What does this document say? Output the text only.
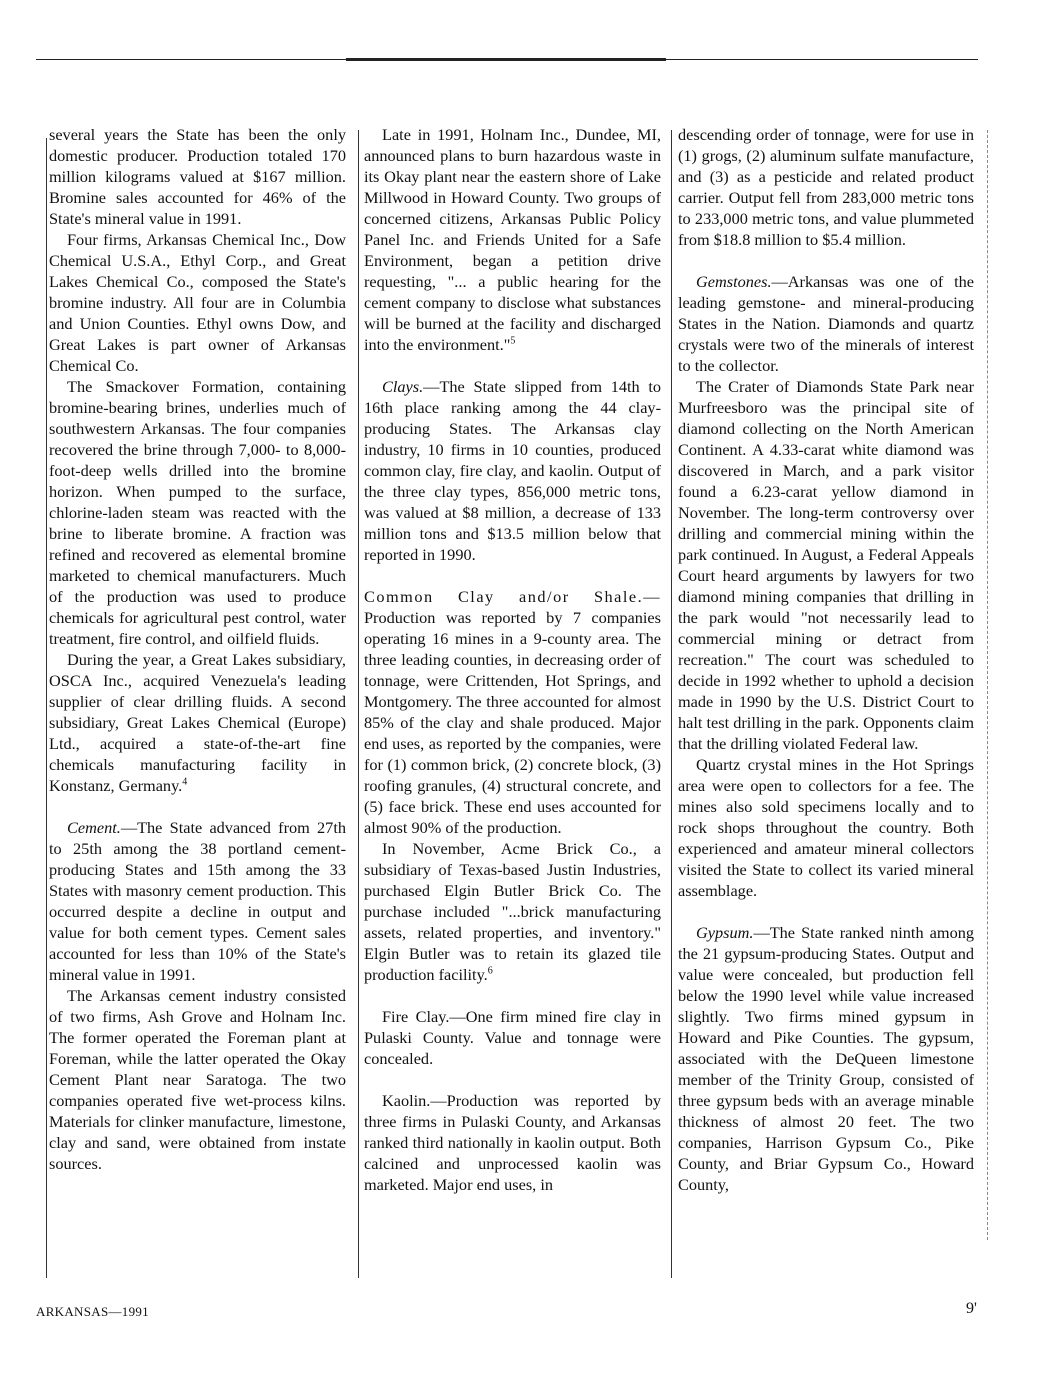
several years the State has been the only domestic producer. Production totaled 170 million kilograms valued at $167 million. Bromine sales accounted for 46% of the State's mineral value in 1991.

Four firms, Arkansas Chemical Inc., Dow Chemical U.S.A., Ethyl Corp., and Great Lakes Chemical Co., composed the State's bromine industry. All four are in Columbia and Union Counties. Ethyl owns Dow, and Great Lakes is part owner of Arkansas Chemical Co.

The Smackover Formation, containing bromine-bearing brines, underlies much of southwestern Arkansas. The four companies recovered the brine through 7,000- to 8,000-foot-deep wells drilled into the bromine horizon. When pumped to the surface, chlorine-laden steam was reacted with the brine to liberate bromine. A fraction was refined and recovered as elemental bromine marketed to chemical manufacturers. Much of the production was used to produce chemicals for agricultural pest control, water treatment, fire control, and oilfield fluids.

During the year, a Great Lakes subsidiary, OSCA Inc., acquired Venezuela's leading supplier of clear drilling fluids. A second subsidiary, Great Lakes Chemical (Europe) Ltd., acquired a state-of-the-art fine chemicals manufacturing facility in Konstanz, Germany.$^4$

Cement.—The State advanced from 27th to 25th among the 38 portland cement-producing States and 15th among the 33 States with masonry cement production. This occurred despite a decline in output and value for both cement types. Cement sales accounted for less than 10% of the State's mineral value in 1991.

The Arkansas cement industry consisted of two firms, Ash Grove and Holnam Inc. The former operated the Foreman plant at Foreman, while the latter operated the Okay Cement Plant near Saratoga. The two companies operated five wet-process kilns. Materials for clinker manufacture, limestone, clay and sand, were obtained from instate sources.

Late in 1991, Holnam Inc., Dundee, MI, announced plans to burn hazardous waste in its Okay plant near the eastern shore of Lake Millwood in Howard County. Two groups of concerned citizens, Arkansas Public Policy Panel Inc. and Friends United for a Safe Environment, began a petition drive requesting, "... a public hearing for the cement company to disclose what substances will be burned at the facility and discharged into the environment."$^5$

Clays.—The State slipped from 14th to 16th place ranking among the 44 clay-producing States. The Arkansas clay industry, 10 firms in 10 counties, produced common clay, fire clay, and kaolin. Output of the three clay types, 856,000 metric tons, was valued at $8 million, a decrease of 133 million tons and $13.5 million below that reported in 1990.

Common Clay and/or Shale.— Production was reported by 7 companies operating 16 mines in a 9-county area. The three leading counties, in decreasing order of tonnage, were Crittenden, Hot Springs, and Montgomery. The three accounted for almost 85% of the clay and shale produced. Major end uses, as reported by the companies, were for (1) common brick, (2) concrete block, (3) roofing granules, (4) structural concrete, and (5) face brick. These end uses accounted for almost 90% of the production.

In November, Acme Brick Co., a subsidiary of Texas-based Justin Industries, purchased Elgin Butler Brick Co. The purchase included "...brick manufacturing assets, related properties, and inventory." Elgin Butler was to retain its glazed tile production facility.$^6$

Fire Clay.—One firm mined fire clay in Pulaski County. Value and tonnage were concealed.

Kaolin.—Production was reported by three firms in Pulaski County, and Arkansas ranked third nationally in kaolin output. Both calcined and unprocessed kaolin was marketed. Major end uses, in

descending order of tonnage, were for use in (1) grogs, (2) aluminum sulfate manufacture, and (3) as a pesticide and related product carrier. Output fell from 283,000 metric tons to 233,000 metric tons, and value plummeted from $18.8 million to $5.4 million.

Gemstones.—Arkansas was one of the leading gemstone- and mineral-producing States in the Nation. Diamonds and quartz crystals were two of the minerals of interest to the collector.

The Crater of Diamonds State Park near Murfreesboro was the principal site of diamond collecting on the North American Continent. A 4.33-carat white diamond was discovered in March, and a park visitor found a 6.23-carat yellow diamond in November. The long-term controversy over drilling and commercial mining within the park continued. In August, a Federal Appeals Court heard arguments by lawyers for two diamond mining companies that drilling in the park would "not necessarily lead to commercial mining or detract from recreation." The court was scheduled to decide in 1992 whether to uphold a decision made in 1990 by the U.S. District Court to halt test drilling in the park. Opponents claim that the drilling violated Federal law.

Quartz crystal mines in the Hot Springs area were open to collectors for a fee. The mines also sold specimens locally and to rock shops throughout the country. Both experienced and amateur mineral collectors visited the State to collect its varied mineral assemblage.

Gypsum.—The State ranked ninth among the 21 gypsum-producing States. Output and value were concealed, but production fell below the 1990 level while value increased slightly. Two firms mined gypsum in Howard and Pike Counties. The gypsum, associated with the DeQueen limestone member of the Trinity Group, consisted of three gypsum beds with an average minable thickness of almost 20 feet. The two companies, Harrison Gypsum Co., Pike County, and Briar Gypsum Co., Howard County,

ARKANSAS—1991	9'
